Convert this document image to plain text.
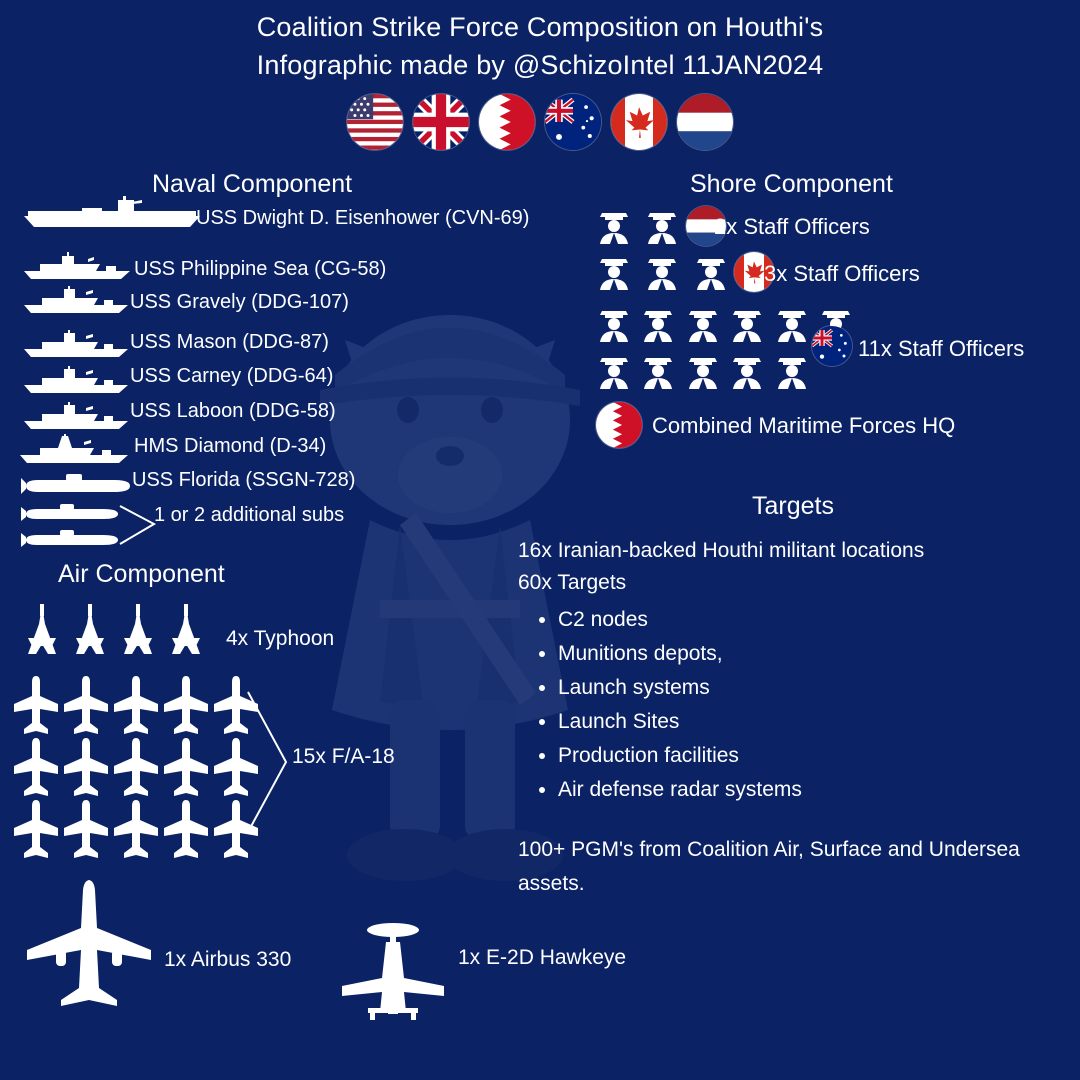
Coalition Strike Force Composition on Houthi's
Infographic made by @SchizoIntel 11JAN2024
Naval Component
USS Dwight D. Eisenhower (CVN-69)
USS Philippine Sea (CG-58)
USS Gravely (DDG-107)
USS Mason (DDG-87)
USS Carney (DDG-64)
USS Laboon (DDG-58)
HMS Diamond (D-34)
USS Florida (SSGN-728)
1 or 2 additional subs
Shore Component

2x Staff Officers

3x Staff Officers

11x Staff Officers
Combined Maritime Forces HQ
Air Component
4x Typhoon
15x F/A-18
1x Airbus 330	1x E-2D Hawkeye
Targets
16x Iranian-backed Houthi militant locations
60x Targets
• C2 nodes
• Munitions depots,
• Launch systems
• Launch Sites
• Production facilities
• Air defense radar systems
100+ PGM's from Coalition Air, Surface and Undersea assets.
